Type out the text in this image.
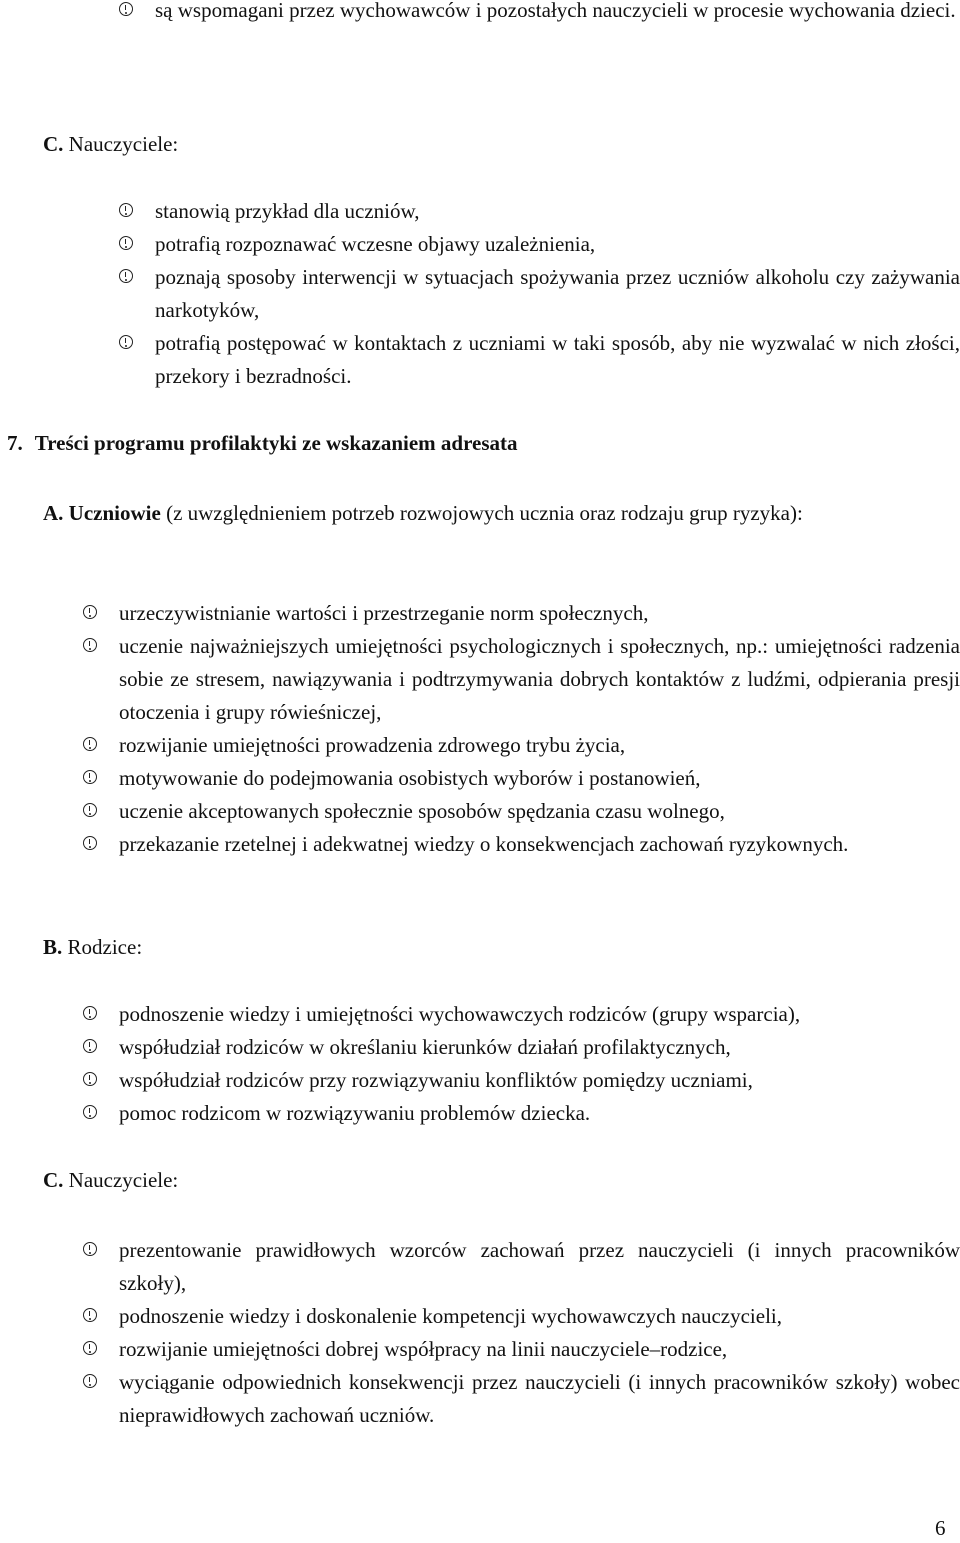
są wspomagani przez wychowawców i pozostałych nauczycieli w procesie wychowania dzieci.
C. Nauczyciele:
stanowią przykład dla uczniów,
potrafią rozpoznawać wczesne objawy uzależnienia,
poznają sposoby interwencji w sytuacjach spożywania przez uczniów alkoholu czy zażywania narkotyków,
potrafią postępować w kontaktach z uczniami w taki sposób, aby nie wyzwalać w nich złości, przekory i bezradności.
7. Treści programu profilaktyki ze wskazaniem adresata
A. Uczniowie (z uwzględnieniem potrzeb rozwojowych ucznia oraz rodzaju grup ryzyka):
urzeczywistnianie wartości i przestrzeganie norm społecznych,
uczenie najważniejszych umiejętności psychologicznych i społecznych, np.: umiejętności radzenia sobie ze stresem, nawiązywania i podtrzymywania dobrych kontaktów z ludźmi, odpierania presji otoczenia i grupy rówieśniczej,
rozwijanie umiejętności prowadzenia zdrowego trybu życia,
motywowanie do podejmowania osobistych wyborów i postanowień,
uczenie akceptowanych społecznie sposobów spędzania czasu wolnego,
przekazanie rzetelnej i adekwatnej wiedzy o konsekwencjach zachowań ryzykownych.
B. Rodzice:
podnoszenie wiedzy i umiejętności wychowawczych rodziców (grupy wsparcia),
współudział rodziców w określaniu kierunków działań profilaktycznych,
współudział rodziców przy rozwiązywaniu konfliktów pomiędzy uczniami,
pomoc rodzicom w rozwiązywaniu problemów dziecka.
C. Nauczyciele:
prezentowanie prawidłowych wzorców zachowań przez nauczycieli (i innych pracowników szkoły),
podnoszenie wiedzy i doskonalenie kompetencji wychowawczych nauczycieli,
rozwijanie umiejętności dobrej współpracy na linii nauczyciele–rodzice,
wyciąganie odpowiednich konsekwencji przez nauczycieli (i innych pracowników szkoły) wobec nieprawidłowych zachowań uczniów.
6
